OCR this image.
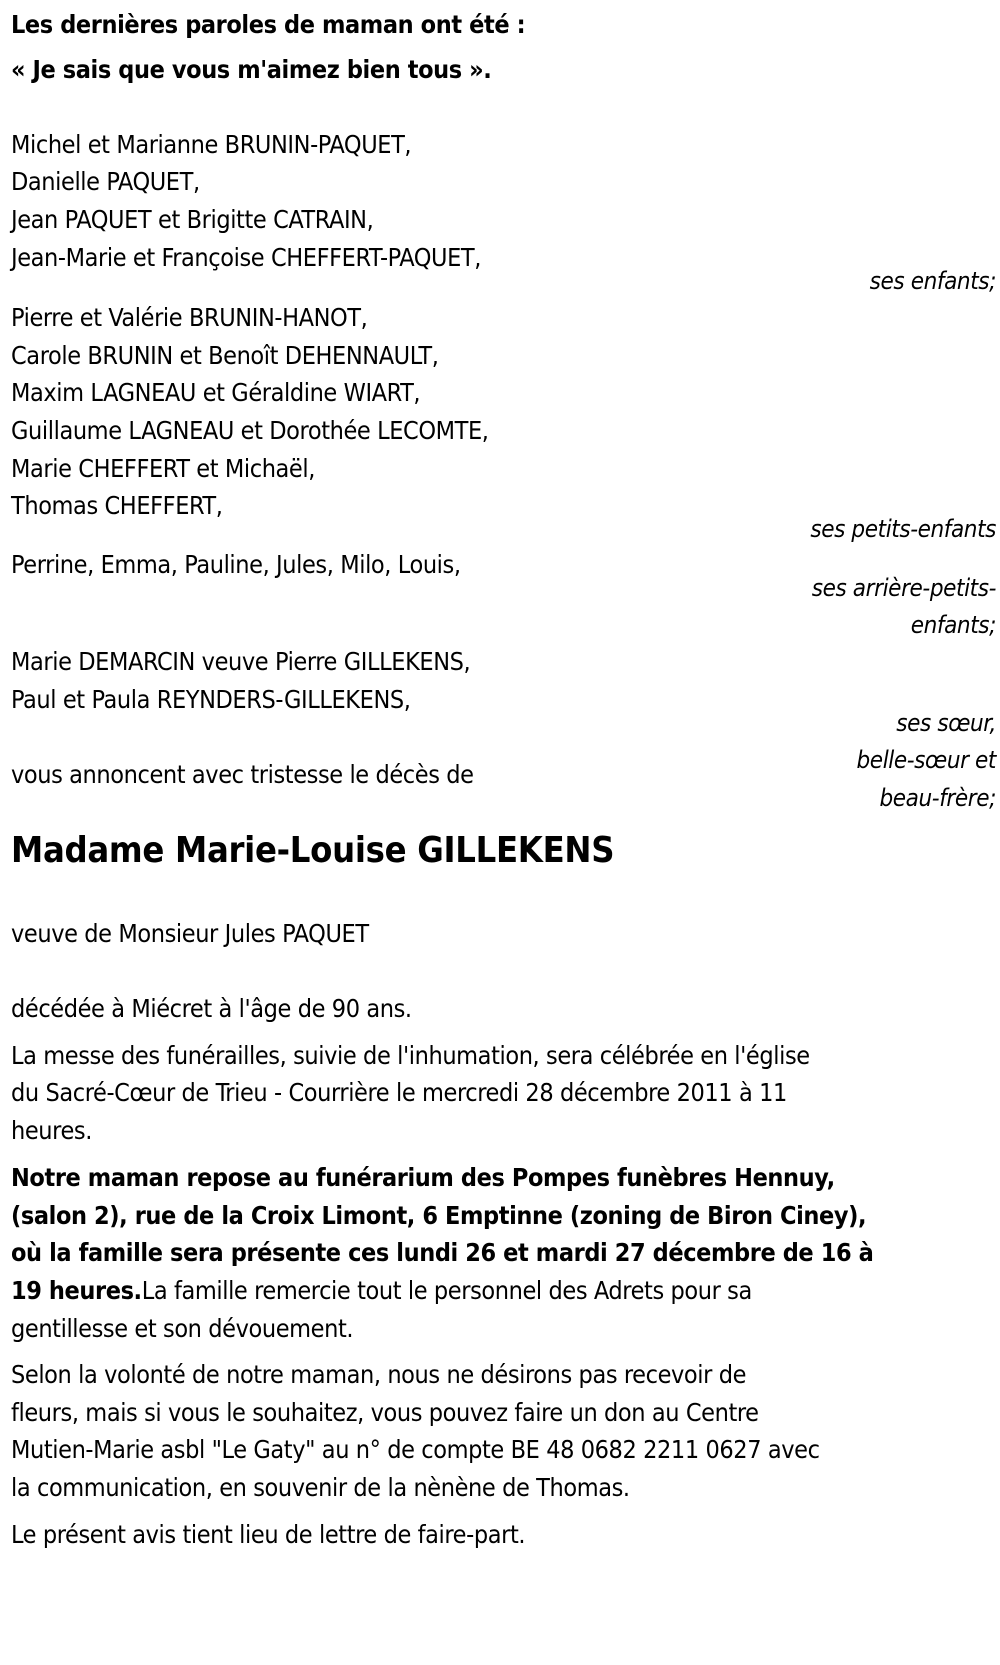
Les dernières paroles de maman ont été :
« Je sais que vous m'aimez bien tous ».
Michel et Marianne BRUNIN-PAQUET,
Danielle PAQUET,
Jean PAQUET et Brigitte CATRAIN,
Jean-Marie et Françoise CHEFFERT-PAQUET,
ses enfants;
Pierre et Valérie BRUNIN-HANOT,
Carole BRUNIN et Benoît DEHENNAULT,
Maxim LAGNEAU et Géraldine WIART,
Guillaume LAGNEAU et Dorothée LECOMTE,
Marie CHEFFERT et Michaël,
Thomas CHEFFERT,
ses petits-enfants
Perrine, Emma, Pauline, Jules, Milo, Louis,
ses arrière-petits-
enfants;
Marie DEMARCIN veuve Pierre GILLEKENS,
Paul et Paula REYNDERS-GILLEKENS,
ses sœur,
belle-sœur et
beau-frère;
vous annoncent avec tristesse le décès de
Madame Marie-Louise GILLEKENS
veuve de Monsieur Jules PAQUET
décédée à Miécret à l'âge de 90 ans.
La messe des funérailles, suivie de l'inhumation, sera célébrée en l'église
du Sacré-Cœur de Trieu - Courrière le mercredi 28 décembre 2011 à 11
heures.
Notre maman repose au funérarium des Pompes funèbres Hennuy,
(salon 2), rue de la Croix Limont, 6 Emptinne (zoning de Biron Ciney),
où la famille sera présente ces lundi 26 et mardi 27 décembre de 16 à
19 heures.La famille remercie tout le personnel des Adrets pour sa
gentillesse et son dévouement.
Selon la volonté de notre maman, nous ne désirons pas recevoir de
fleurs, mais si vous le souhaitez, vous pouvez faire un don au Centre
Mutien-Marie asbl "Le Gaty" au n° de compte BE 48 0682 2211 0627 avec
la communication, en souvenir de la nènène de Thomas.
Le présent avis tient lieu de lettre de faire-part.
